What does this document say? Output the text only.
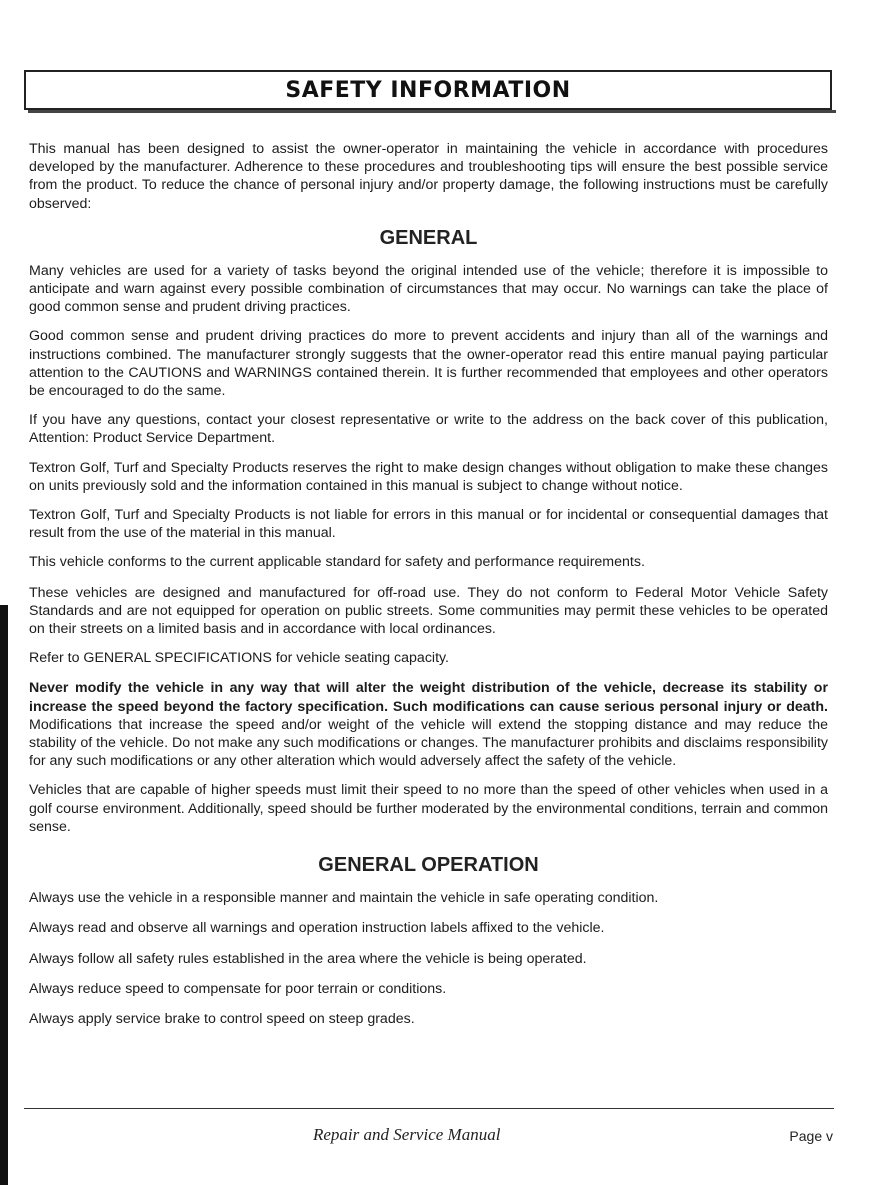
SAFETY INFORMATION

This manual has been designed to assist the owner-operator in maintaining the vehicle in accordance with procedures developed by the manufacturer. Adherence to these procedures and troubleshooting tips will ensure the best possible service from the product. To reduce the chance of personal injury and/or property damage, the following instructions must be carefully observed:

GENERAL

Many vehicles are used for a variety of tasks beyond the original intended use of the vehicle; therefore it is impossible to anticipate and warn against every possible combination of circumstances that may occur. No warnings can take the place of good common sense and prudent driving practices.

Good common sense and prudent driving practices do more to prevent accidents and injury than all of the warnings and instructions combined. The manufacturer strongly suggests that the owner-operator read this entire manual paying particular attention to the CAUTIONS and WARNINGS contained therein. It is further recommended that employees and other operators be encouraged to do the same.

If you have any questions, contact your closest representative or write to the address on the back cover of this publication, Attention: Product Service Department.

Textron Golf, Turf and Specialty Products reserves the right to make design changes without obligation to make these changes on units previously sold and the information contained in this manual is subject to change without notice.

Textron Golf, Turf and Specialty Products is not liable for errors in this manual or for incidental or consequential damages that result from the use of the material in this manual.

This vehicle conforms to the current applicable standard for safety and performance requirements.

These vehicles are designed and manufactured for off-road use. They do not conform to Federal Motor Vehicle Safety Standards and are not equipped for operation on public streets. Some communities may permit these vehicles to be operated on their streets on a limited basis and in accordance with local ordinances.

Refer to GENERAL SPECIFICATIONS for vehicle seating capacity.

Never modify the vehicle in any way that will alter the weight distribution of the vehicle, decrease its stability or increase the speed beyond the factory specification. Such modifications can cause serious personal injury or death. Modifications that increase the speed and/or weight of the vehicle will extend the stopping distance and may reduce the stability of the vehicle. Do not make any such modifications or changes. The manufacturer prohibits and disclaims responsibility for any such modifications or any other alteration which would adversely affect the safety of the vehicle.

Vehicles that are capable of higher speeds must limit their speed to no more than the speed of other vehicles when used in a golf course environment. Additionally, speed should be further moderated by the environmental conditions, terrain and common sense.

GENERAL OPERATION

Always use the vehicle in a responsible manner and maintain the vehicle in safe operating condition.

Always read and observe all warnings and operation instruction labels affixed to the vehicle.

Always follow all safety rules established in the area where the vehicle is being operated.

Always reduce speed to compensate for poor terrain or conditions.

Always apply service brake to control speed on steep grades.

Repair and Service Manual	Page v
